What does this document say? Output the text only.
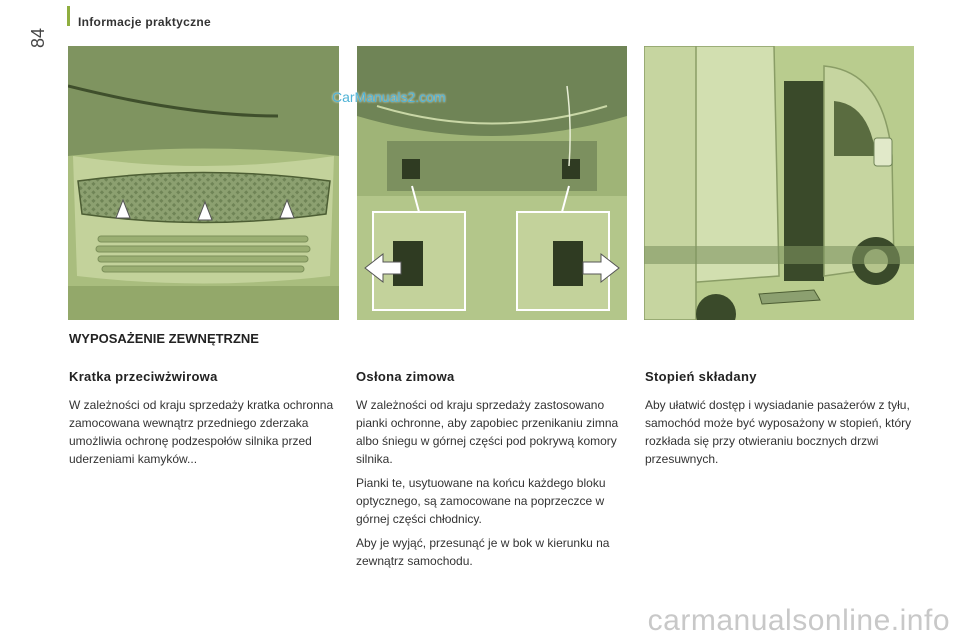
Informacje praktyczne
84
CarManuals2.com
WYPOSAŻENIE ZEWNĘTRZNE
Kratka przeciwżwirowa

W zależności od kraju sprzedaży kratka ochronna zamocowana wewnątrz przedniego zderzaka umożliwia ochronę podzespołów silnika przed uderzeniami kamyków...

Osłona zimowa

W zależności od kraju sprzedaży zastosowano pianki ochronne, aby zapobiec przenikaniu zimna albo śniegu w górnej części pod pokrywą komory silnika.

Pianki te, usytuowane na końcu każdego bloku optycznego, są zamocowane na poprzeczce w górnej części chłodnicy.

Aby je wyjąć, przesunąć je w bok w kierunku na zewnątrz samochodu.

Stopień składany

Aby ułatwić dostęp i wysiadanie pasażerów z tyłu, samochód może być wyposażony w stopień, który rozkłada się przy otwieraniu bocznych drzwi przesuwnych.

carmanualsonline.info
